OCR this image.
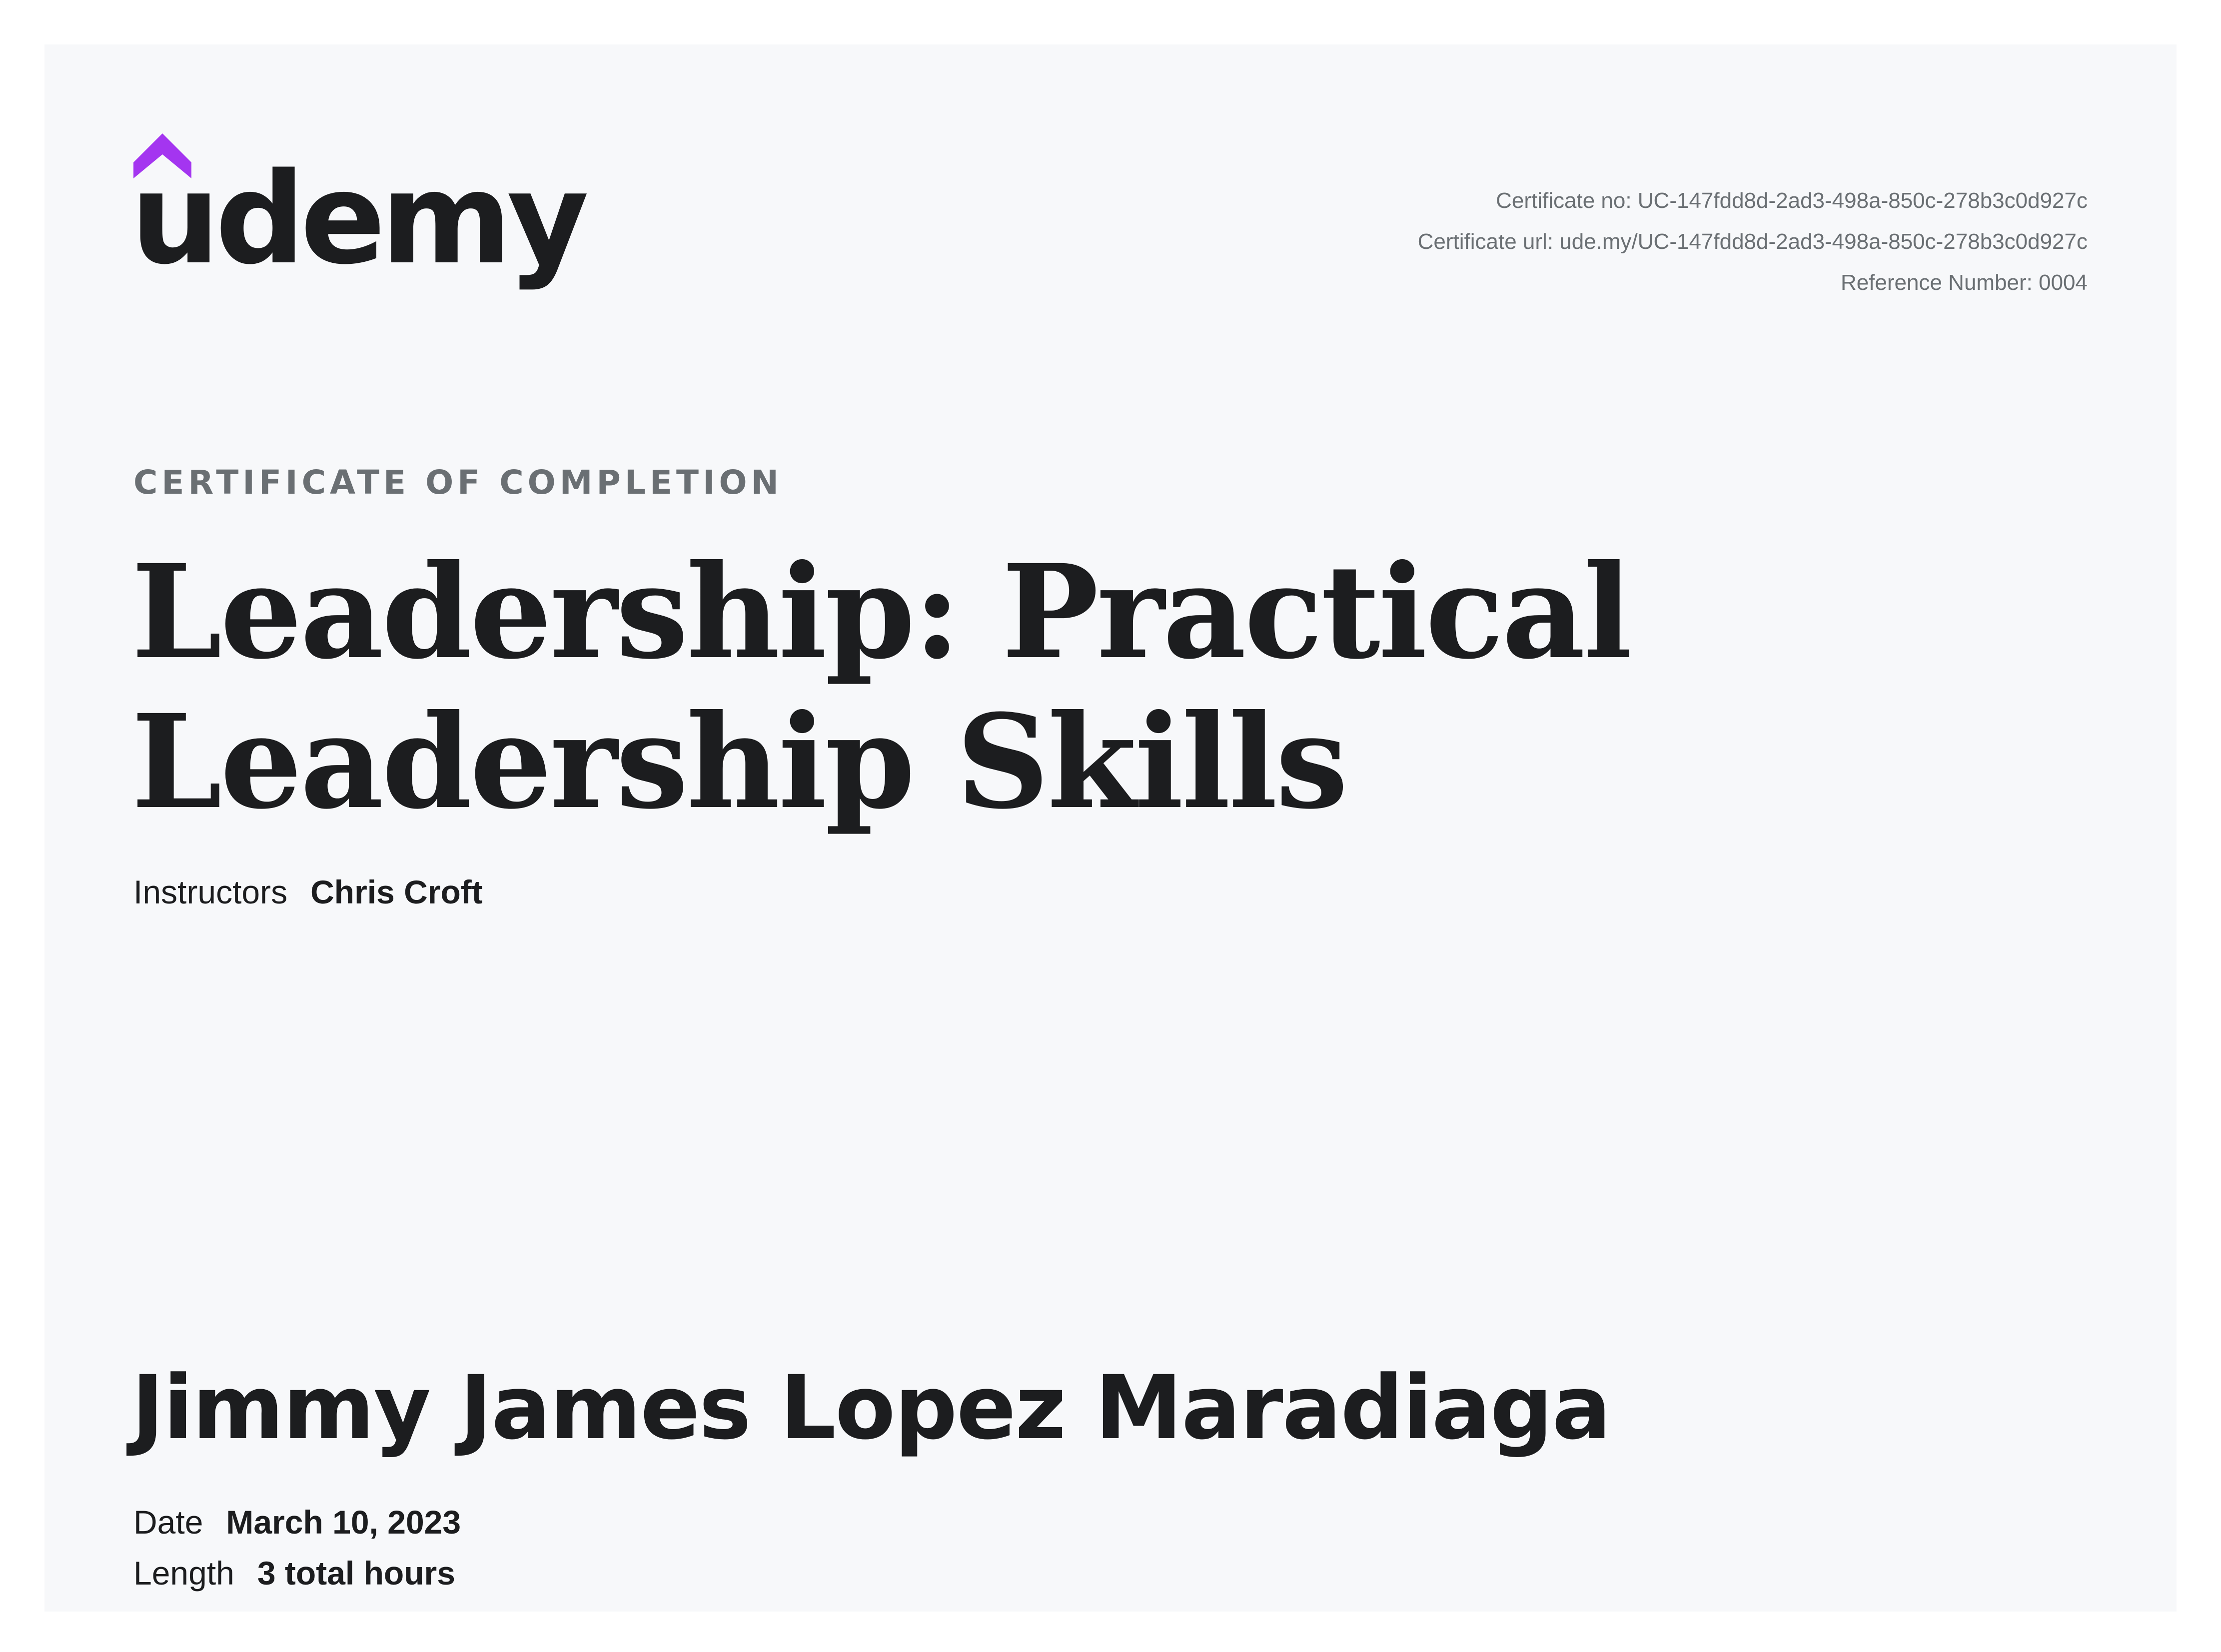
udemy	Certificate no: UC-147fdd8d-2ad3-498a-850c-278b3c0d927c
Certificate url: ude.my/UC-147fdd8d-2ad3-498a-850c-278b3c0d927c
Reference Number: 0004
CERTIFICATE OF COMPLETION
Leadership: Practical
Leadership Skills
Instructors Chris Croft
Jimmy James Lopez Maradiaga
Date March 10, 2023
Length 3 total hours
